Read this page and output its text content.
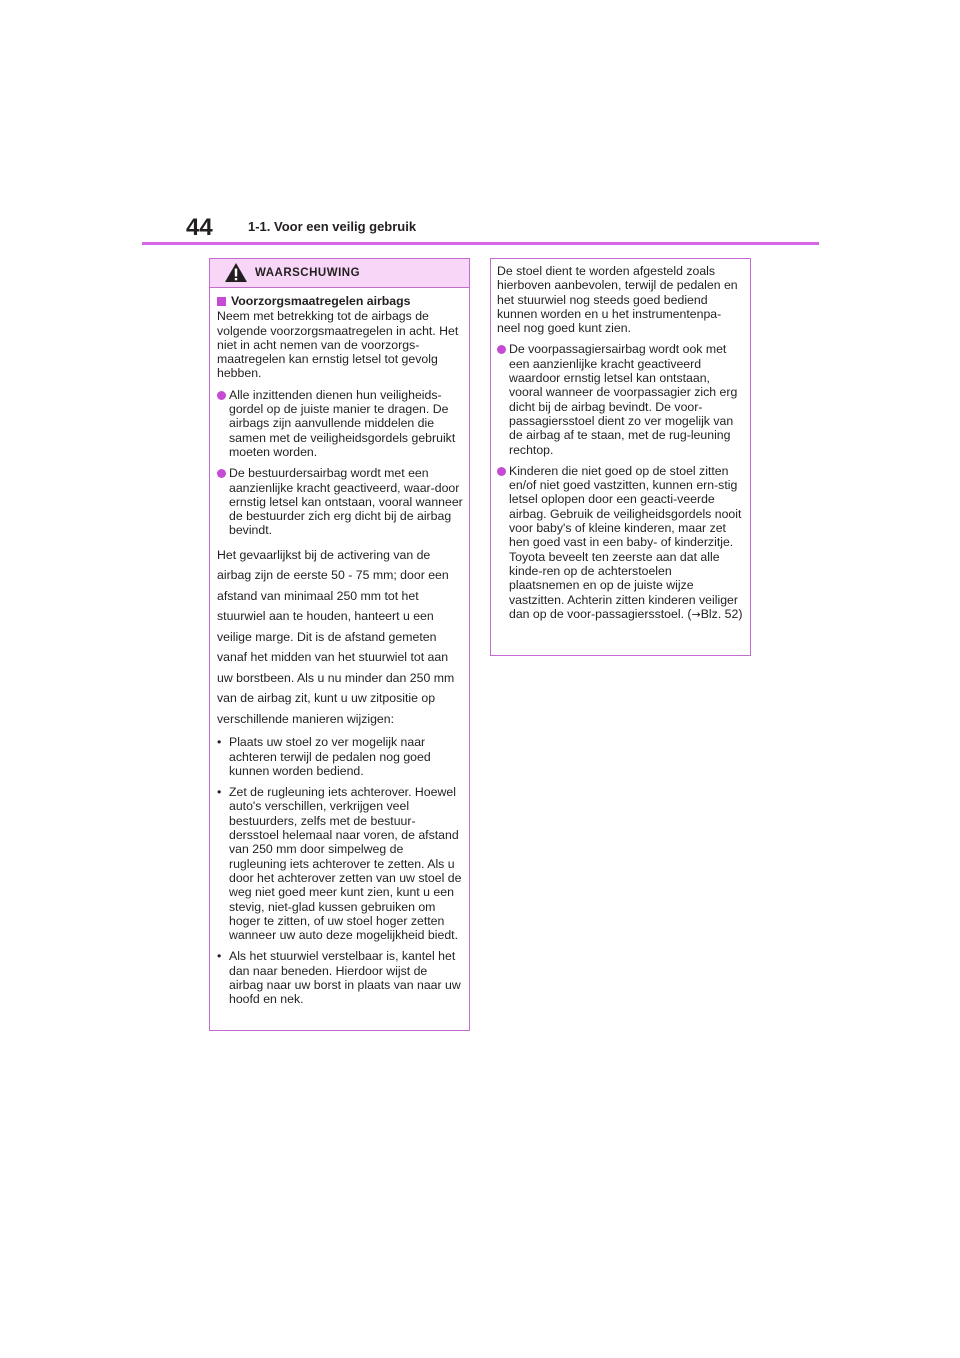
44	1-1. Voor een veilig gebruik
WAARSCHUWING
Voorzorgsmaatregelen airbags

Neem met betrekking tot de airbags de volgende voorzorgsmaatregelen in acht. Het niet in acht nemen van de voorzorgs-maatregelen kan ernstig letsel tot gevolg hebben.

Alle inzittenden dienen hun veiligheids-gordel op de juiste manier te dragen. De airbags zijn aanvullende middelen die samen met de veiligheidsgordels gebruikt moeten worden.
De bestuurdersairbag wordt met een aanzienlijke kracht geactiveerd, waar-door ernstig letsel kan ontstaan, vooral wanneer de bestuurder zich erg dicht bij de airbag bevindt.

Het gevaarlijkst bij de activering van de airbag zijn de eerste 50 - 75 mm; door een afstand van minimaal 250 mm tot het stuurwiel aan te houden, hanteert u een veilige marge. Dit is de afstand gemeten vanaf het midden van het stuurwiel tot aan uw borstbeen. Als u nu minder dan 250 mm van de airbag zit, kunt u uw zitpositie op verschillende manieren wijzigen:

• Plaats uw stoel zo ver mogelijk naar achteren terwijl de pedalen nog goed kunnen worden bediend.
• Zet de rugleuning iets achterover. Hoewel auto's verschillen, verkrijgen veel bestuurders, zelfs met de bestuur-dersstoel helemaal naar voren, de afstand van 250 mm door simpelweg de rugleuning iets achterover te zetten. Als u door het achterover zetten van uw stoel de weg niet goed meer kunt zien, kunt u een stevig, niet-glad kussen gebruiken om hoger te zitten, of uw stoel hoger zetten wanneer uw auto deze mogelijkheid biedt.
• Als het stuurwiel verstelbaar is, kantel het dan naar beneden. Hierdoor wijst de airbag naar uw borst in plaats van naar uw hoofd en nek.

De stoel dient te worden afgesteld zoals hierboven aanbevolen, terwijl de pedalen en het stuurwiel nog steeds goed bediend kunnen worden en u het instrumentenpa-neel nog goed kunt zien.

De voorpassagiersairbag wordt ook met een aanzienlijke kracht geactiveerd waardoor ernstig letsel kan ontstaan, vooral wanneer de voorpassagier zich erg dicht bij de airbag bevindt. De voor-passagiersstoel dient zo ver mogelijk van de airbag af te staan, met de rug-leuning rechtop.
Kinderen die niet goed op de stoel zitten en/of niet goed vastzitten, kunnen ern-stig letsel oplopen door een geacti-veerde airbag. Gebruik de veiligheidsgordels nooit voor baby's of kleine kinderen, maar zet hen goed vast in een baby- of kinderzitje. Toyota beveelt ten zeerste aan dat alle kinde-ren op de achterstoelen plaatsnemen en op de juiste wijze vastzitten. Achterin zitten kinderen veiliger dan op de voor-passagiersstoel. (→Blz. 52)
